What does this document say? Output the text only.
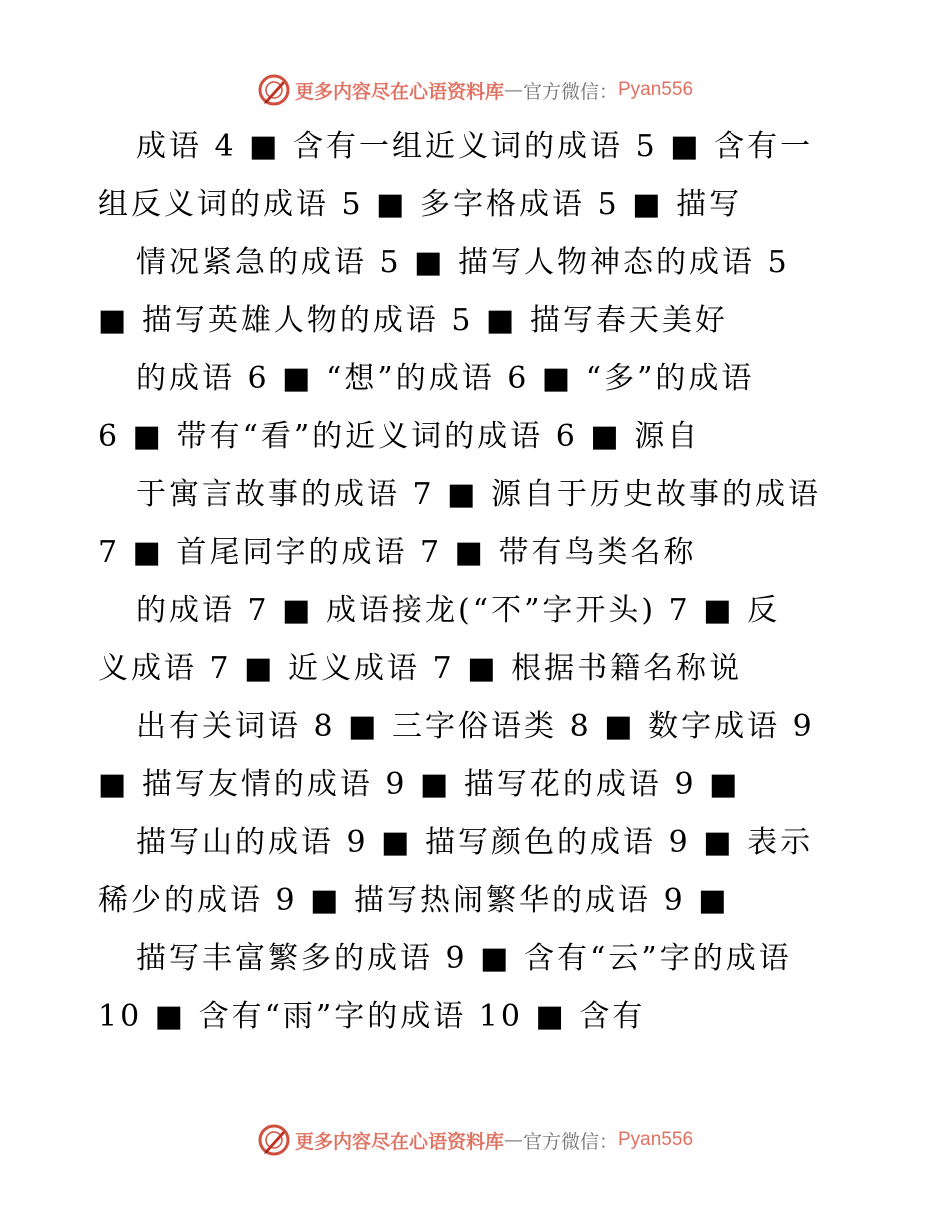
更多内容尽在心语资料库 — 官方微信： Pyan556
成语 4 ■ 含有一组近义词的成语 5 ■ 含有一
组反义词的成语 5 ■ 多字格成语 5 ■ 描写
情况紧急的成语 5 ■ 描写人物神态的成语 5
■ 描写英雄人物的成语 5 ■ 描写春天美好
的成语 6 ■ “想”的成语 6 ■ “多”的成语
6 ■ 带有“看”的近义词的成语 6 ■ 源自
于寓言故事的成语 7 ■ 源自于历史故事的成语
7 ■ 首尾同字的成语 7 ■ 带有鸟类名称
的成语 7 ■ 成语接龙(“不”字开头) 7 ■ 反
义成语 7 ■ 近义成语 7 ■ 根据书籍名称说
出有关词语 8 ■ 三字俗语类 8 ■ 数字成语 9
■ 描写友情的成语 9 ■ 描写花的成语 9 ■
描写山的成语 9 ■ 描写颜色的成语 9 ■ 表示
稀少的成语 9 ■ 描写热闹繁华的成语 9 ■
描写丰富繁多的成语 9 ■ 含有“云”字的成语
10 ■ 含有“雨”字的成语 10 ■ 含有
更多内容尽在心语资料库 — 官方微信： Pyan556
